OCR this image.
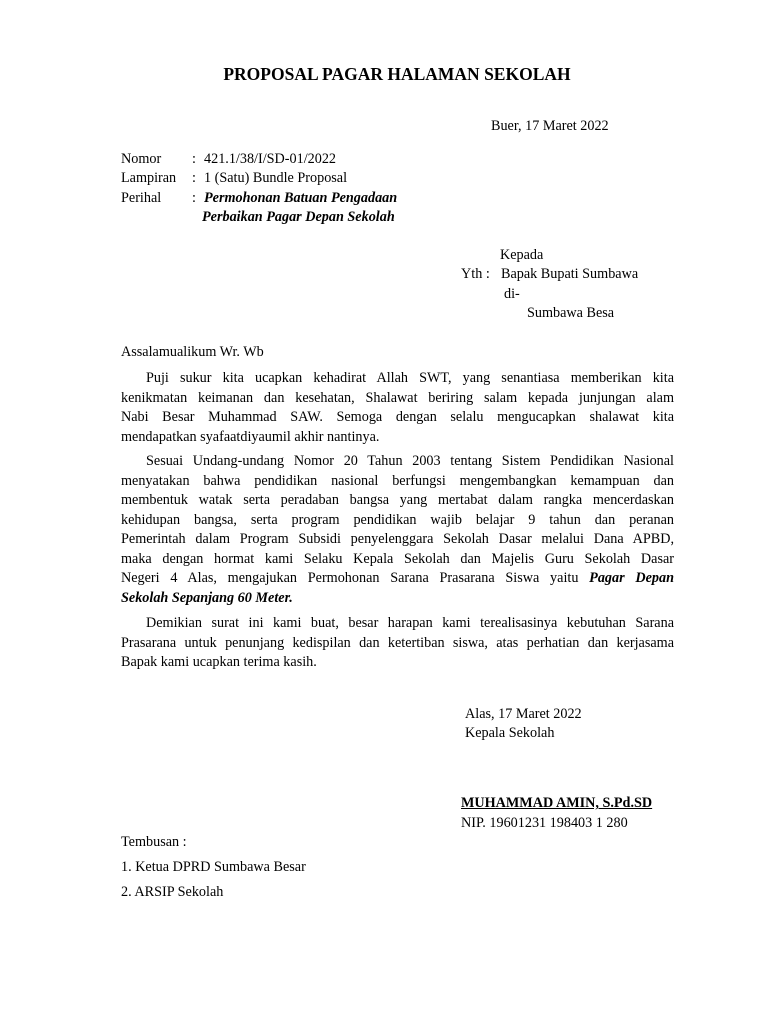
PROPOSAL PAGAR HALAMAN SEKOLAH
Buer, 17 Maret 2022
Nomor : 421.1/38/I/SD-01/2022
Lampiran : 1 (Satu) Bundle Proposal
Perihal : Permohonan Batuan Pengadaan
Perbaikan Pagar Depan Sekolah
Kepada
Yth : Bapak Bupati Sumbawa
di-
Sumbawa Besa
Assalamualikum Wr. Wb
Puji sukur kita ucapkan kehadirat Allah SWT, yang senantiasa memberikan kita
kenikmatan keimanan dan kesehatan, Shalawat beriring salam kepada junjungan alam
Nabi Besar Muhammad SAW. Semoga dengan selalu mengucapkan shalawat kita
mendapatkan syafaatdiyaumil akhir nantinya.
Sesuai Undang-undang Nomor 20 Tahun 2003 tentang Sistem Pendidikan Nasional
menyatakan bahwa pendidikan nasional berfungsi mengembangkan kemampuan dan
membentuk watak serta peradaban bangsa yang mertabat dalam rangka mencerdaskan
kehidupan bangsa, serta program pendidikan wajib belajar 9 tahun dan peranan
Pemerintah dalam Program Subsidi penyelenggara Sekolah Dasar melalui Dana APBD,
maka dengan hormat kami Selaku Kepala Sekolah dan Majelis Guru Sekolah Dasar
Negeri 4 Alas, mengajukan Permohonan Sarana Prasarana Siswa yaitu Pagar Depan
Sekolah Sepanjang 60 Meter.
Demikian surat ini kami buat, besar harapan kami terealisasinya kebutuhan Sarana
Prasarana untuk penunjang kedispilan dan ketertiban siswa, atas perhatian dan kerjasama
Bapak kami ucapkan terima kasih.
Alas, 17 Maret 2022
Kepala Sekolah
MUHAMMAD AMIN, S.Pd.SD
NIP. 19601231 198403 1 280
Tembusan :
1. Ketua DPRD Sumbawa Besar
2. ARSIP Sekolah
